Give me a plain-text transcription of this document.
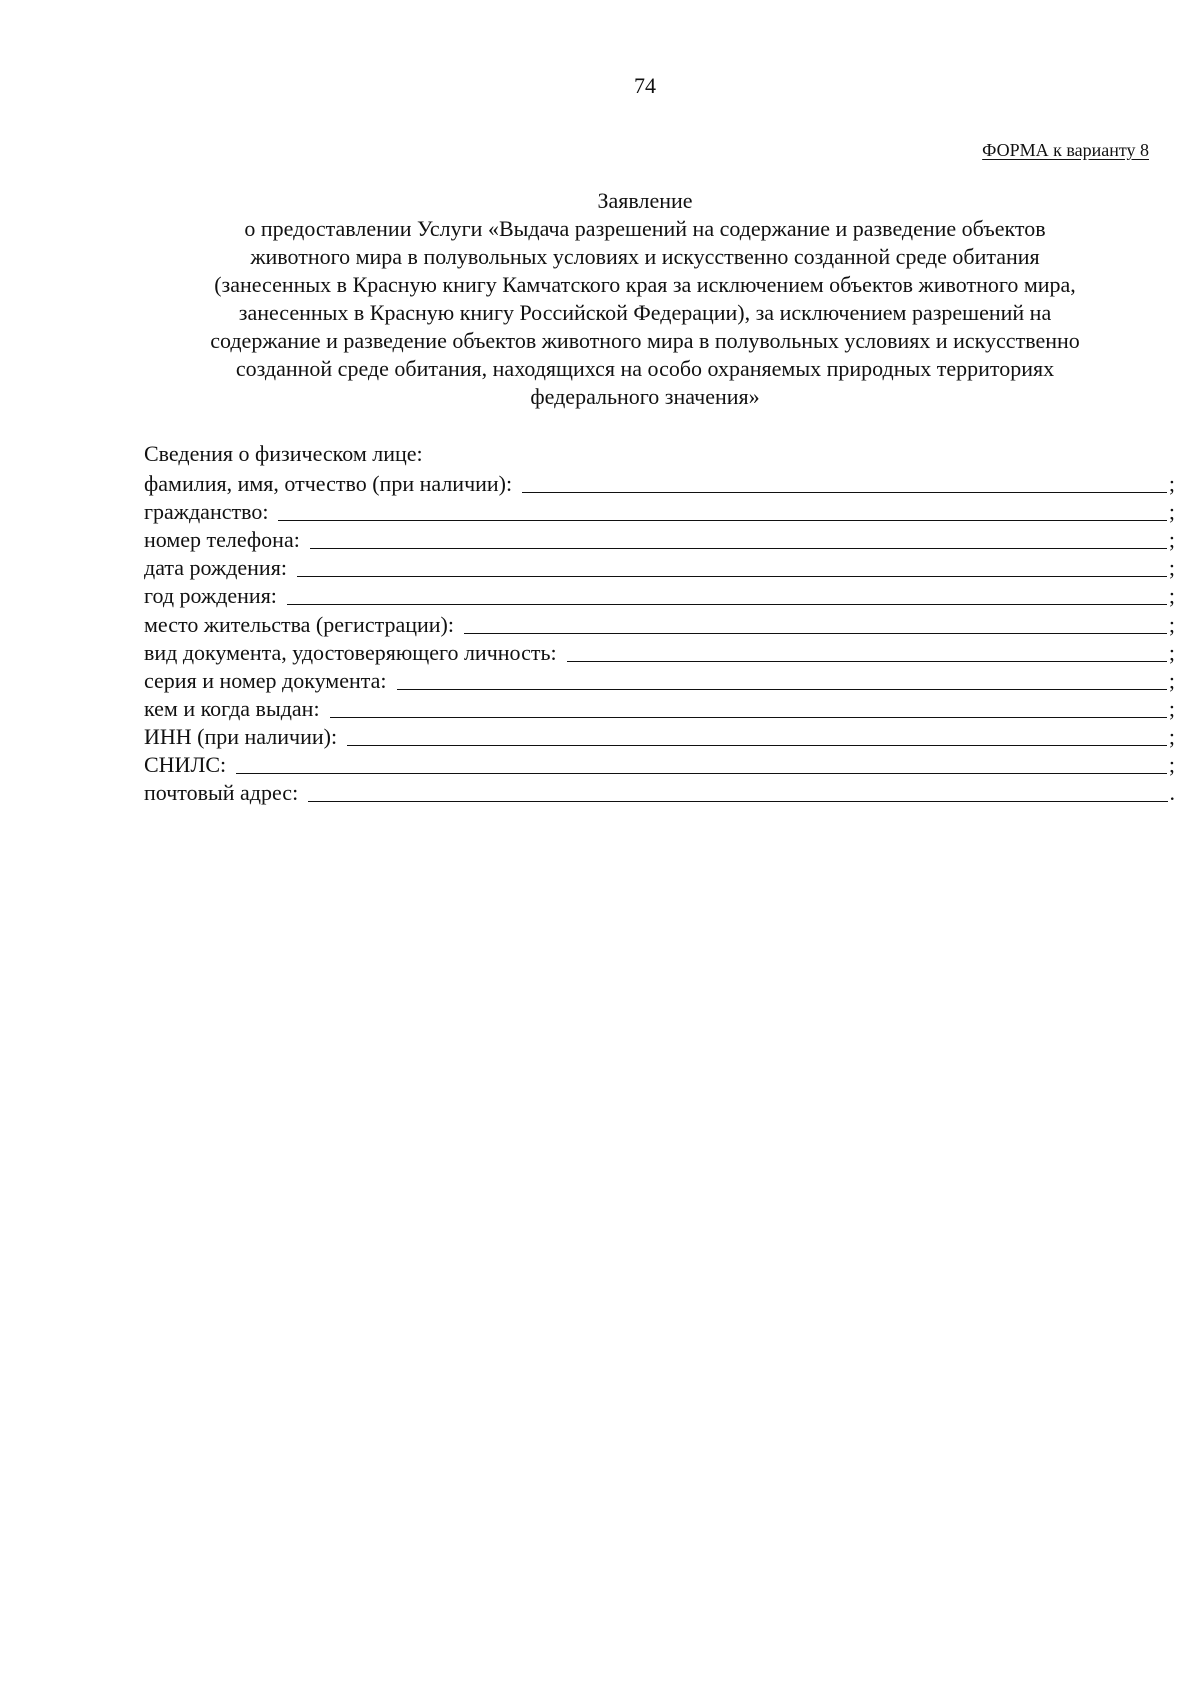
74
ФОРМА к варианту 8
Заявление
о предоставлении Услуги «Выдача разрешений на содержание и разведение объектов
животного мира в полувольных условиях и искусственно созданной среде обитания
(занесенных в Красную книгу Камчатского края за исключением объектов животного мира,
занесенных в Красную книгу Российской Федерации), за исключением разрешений на
содержание и разведение объектов животного мира в полувольных условиях и искусственно
созданной среде обитания, находящихся на особо охраняемых природных территориях
федерального значения»
Сведения о физическом лице:
фамилия, имя, отчество (при наличии):	;
гражданство:	;
номер телефона:	;
дата рождения:	;
год рождения:	;
место жительства (регистрации):	;
вид документа, удостоверяющего личность:	;
серия и номер документа:	;
кем и когда выдан:	;
ИНН (при наличии):	;
СНИЛС:	;
почтовый адрес:	.
